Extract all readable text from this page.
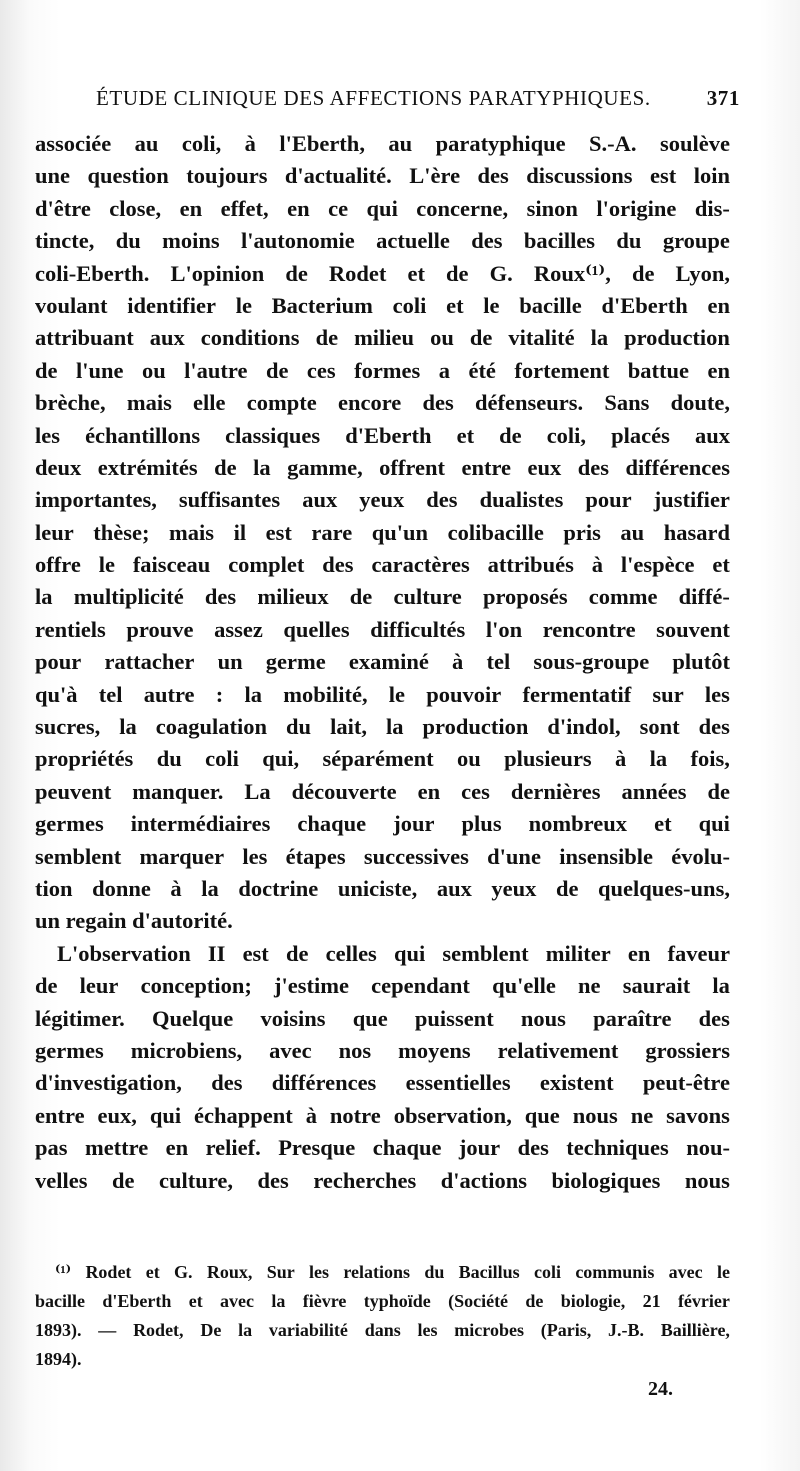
ÉTUDE CLINIQUE DES AFFECTIONS PARATYPHIQUES.	371
associée au coli, à l'Eberth, au paratyphique S.-A. soulève
une question toujours d'actualité. L'ère des discussions est loin
d'être close, en effet, en ce qui concerne, sinon l'origine dis-
tincte, du moins l'autonomie actuelle des bacilles du groupe
coli-Eberth. L'opinion de Rodet et de G. Roux⁽¹⁾, de Lyon,
voulant identifier le Bacterium coli et le bacille d'Eberth en
attribuant aux conditions de milieu ou de vitalité la production
de l'une ou l'autre de ces formes a été fortement battue en
brèche, mais elle compte encore des défenseurs. Sans doute,
les échantillons classiques d'Eberth et de coli, placés aux
deux extrémités de la gamme, offrent entre eux des différences
importantes, suffisantes aux yeux des dualistes pour justifier
leur thèse; mais il est rare qu'un colibacille pris au hasard
offre le faisceau complet des caractères attribués à l'espèce et
la multiplicité des milieux de culture proposés comme diffé-
rentiels prouve assez quelles difficultés l'on rencontre souvent
pour rattacher un germe examiné à tel sous-groupe plutôt
qu'à tel autre : la mobilité, le pouvoir fermentatif sur les
sucres, la coagulation du lait, la production d'indol, sont des
propriétés du coli qui, séparément ou plusieurs à la fois,
peuvent manquer. La découverte en ces dernières années de
germes intermédiaires chaque jour plus nombreux et qui
semblent marquer les étapes successives d'une insensible évolu-
tion donne à la doctrine uniciste, aux yeux de quelques-uns,
un regain d'autorité.
L'observation II est de celles qui semblent militer en faveur
de leur conception; j'estime cependant qu'elle ne saurait la
légitimer. Quelque voisins que puissent nous paraître des
germes microbiens, avec nos moyens relativement grossiers
d'investigation, des différences essentielles existent peut-être
entre eux, qui échappent à notre observation, que nous ne savons
pas mettre en relief. Presque chaque jour des techniques nou-
velles de culture, des recherches d'actions biologiques nous
⁽¹⁾ Rodet et G. Roux, Sur les relations du Bacillus coli communis avec le
bacille d'Eberth et avec la fièvre typhoïde (Société de biologie, 21 février
1893). — Rodet, De la variabilité dans les microbes (Paris, J.-B. Baillière,
1894).
24.
